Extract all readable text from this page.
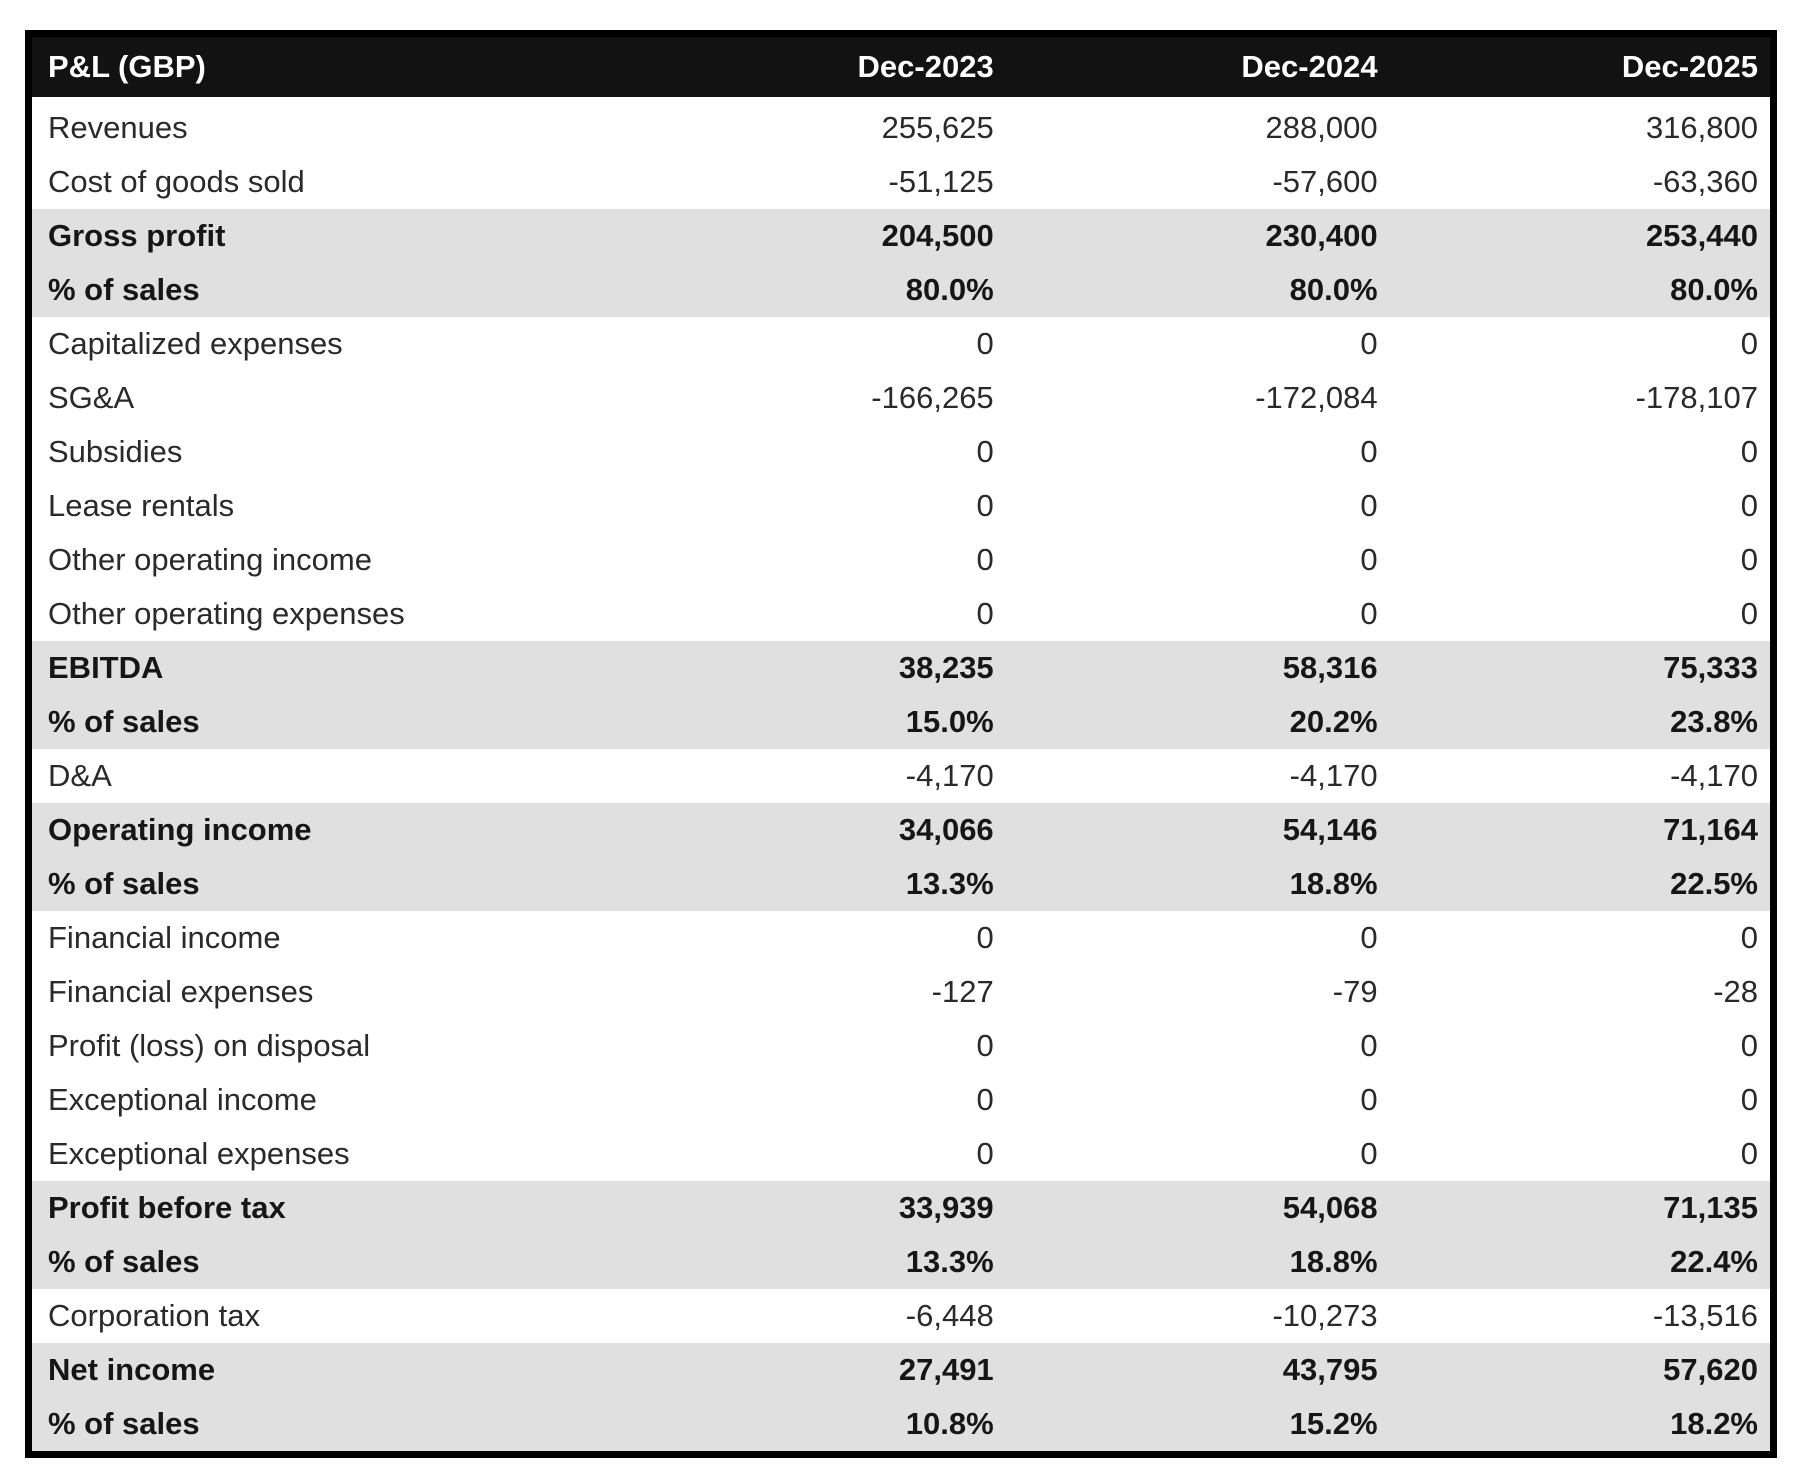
P&L (GBP)	Dec-2023	Dec-2024	Dec-2025
Revenues	255,625	288,000	316,800
Cost of goods sold	-51,125	-57,600	-63,360
Gross profit	204,500	230,400	253,440
% of sales	80.0%	80.0%	80.0%
Capitalized expenses	0	0	0
SG&A	-166,265	-172,084	-178,107
Subsidies	0	0	0
Lease rentals	0	0	0
Other operating income	0	0	0
Other operating expenses	0	0	0
EBITDA	38,235	58,316	75,333
% of sales	15.0%	20.2%	23.8%
D&A	-4,170	-4,170	-4,170
Operating income	34,066	54,146	71,164
% of sales	13.3%	18.8%	22.5%
Financial income	0	0	0
Financial expenses	-127	-79	-28
Profit (loss) on disposal	0	0	0
Exceptional income	0	0	0
Exceptional expenses	0	0	0
Profit before tax	33,939	54,068	71,135
% of sales	13.3%	18.8%	22.4%
Corporation tax	-6,448	-10,273	-13,516
Net income	27,491	43,795	57,620
% of sales	10.8%	15.2%	18.2%
